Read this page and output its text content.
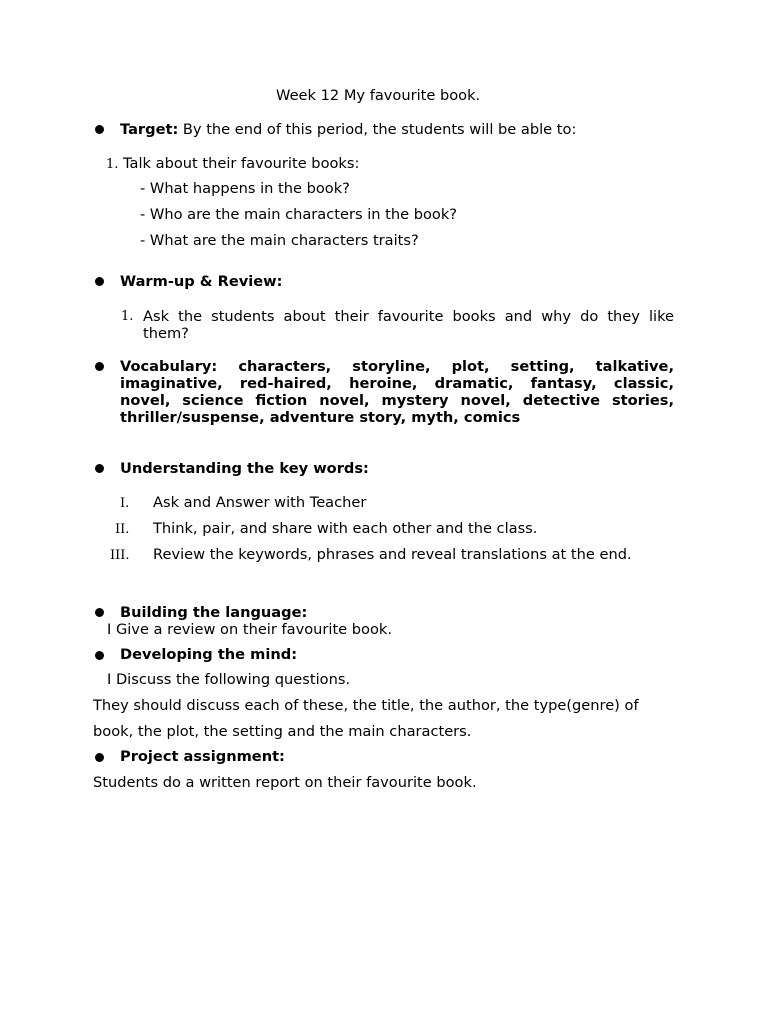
Week 12 My favourite book.
Target: By the end of this period, the students will be able to:
1. Talk about their favourite books:
- What happens in the book?
- Who are the main characters in the book?
- What are the main characters traits?
Warm-up & Review:
1. Ask the students about their favourite books and why do they like
them?
Vocabulary: characters, storyline, plot, setting, talkative,
imaginative, red-haired, heroine, dramatic, fantasy, classic,
novel, science fiction novel, mystery novel, detective stories,
thriller/suspense, adventure story, myth, comics
Understanding the key words:
I. Ask and Answer with Teacher
II. Think, pair, and share with each other and the class.
III. Review the keywords, phrases and reveal translations at the end.
Building the language:
I Give a review on their favourite book.
Developing the mind:
I Discuss the following questions.
They should discuss each of these, the title, the author, the type(genre) of
book, the plot, the setting and the main characters.
Project assignment:
Students do a written report on their favourite book.
